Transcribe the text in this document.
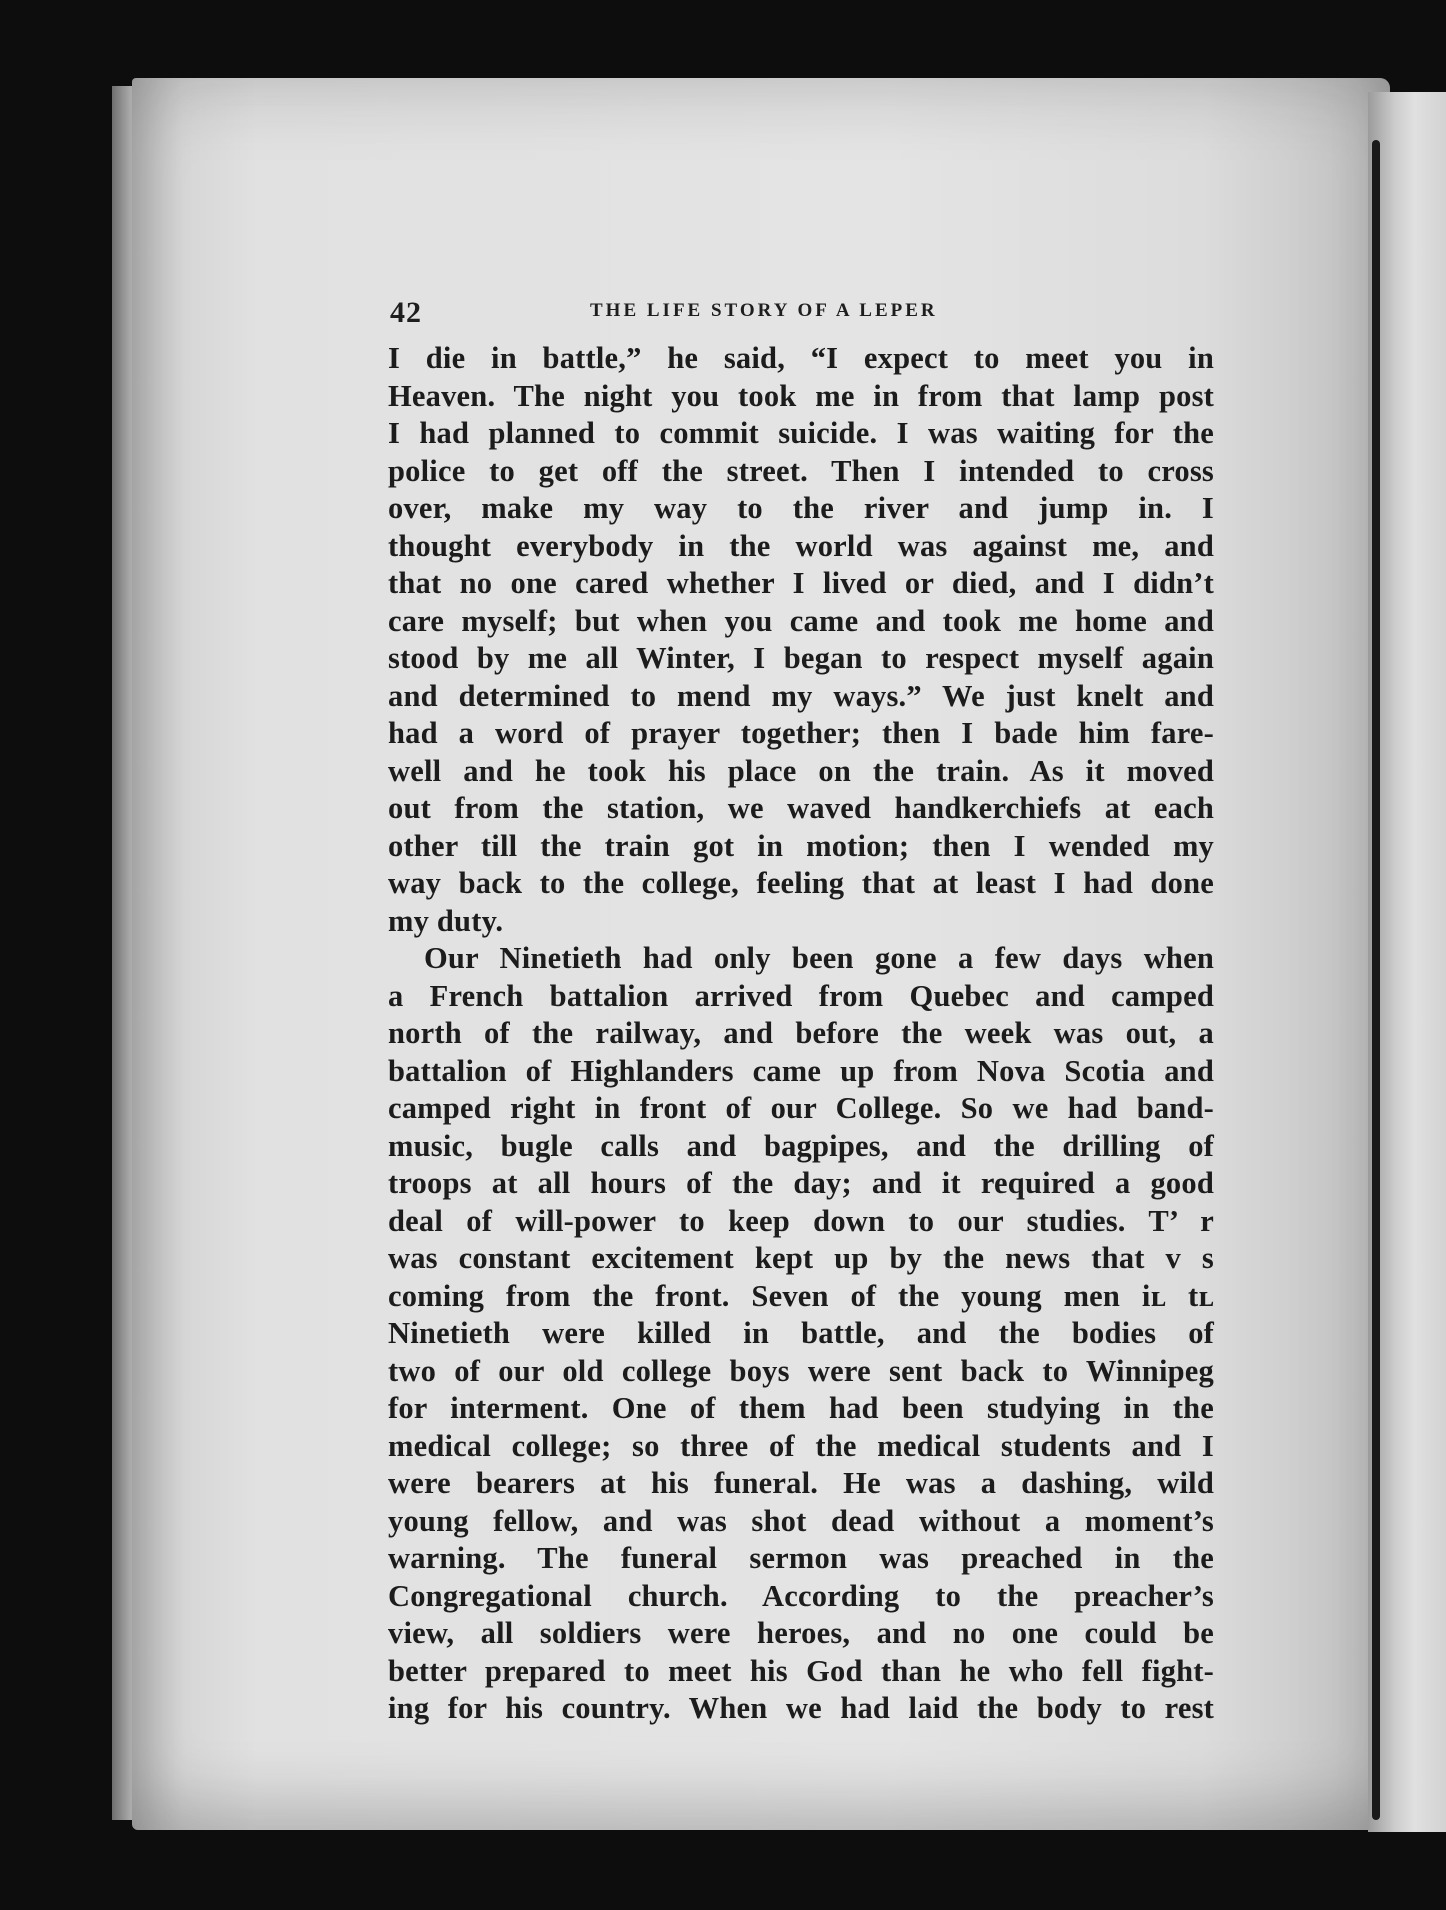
42	THE LIFE STORY OF A LEPER
I die in battle,” he said, “I expect to meet you in
Heaven. The night you took me in from that lamp post
I had planned to commit suicide. I was waiting for the
police to get off the street. Then I intended to cross
over, make my way to the river and jump in. I
thought everybody in the world was against me, and
that no one cared whether I lived or died, and I didn’t
care myself; but when you came and took me home and
stood by me all Winter, I began to respect myself again
and determined to mend my ways.” We just knelt and
had a word of prayer together; then I bade him fare-
well and he took his place on the train. As it moved
out from the station, we waved handkerchiefs at each
other till the train got in motion; then I wended my
way back to the college, feeling that at least I had done
my duty.
Our Ninetieth had only been gone a few days when
a French battalion arrived from Quebec and camped
north of the railway, and before the week was out, a
battalion of Highlanders came up from Nova Scotia and
camped right in front of our College. So we had band-
music, bugle calls and bagpipes, and the drilling of
troops at all hours of the day; and it required a good
deal of will-power to keep down to our studies. T’ r
was constant excitement kept up by the news that ᴠ s
coming from the front. Seven of the young men iʟ tʟ
Ninetieth were killed in battle, and the bodies of
two of our old college boys were sent back to Winnipeg
for interment. One of them had been studying in the
medical college; so three of the medical students and I
were bearers at his funeral. He was a dashing, wild
young fellow, and was shot dead without a moment’s
warning. The funeral sermon was preached in the
Congregational church. According to the preacher’s
view, all soldiers were heroes, and no one could be
better prepared to meet his God than he who fell fight-
ing for his country. When we had laid the body to rest
